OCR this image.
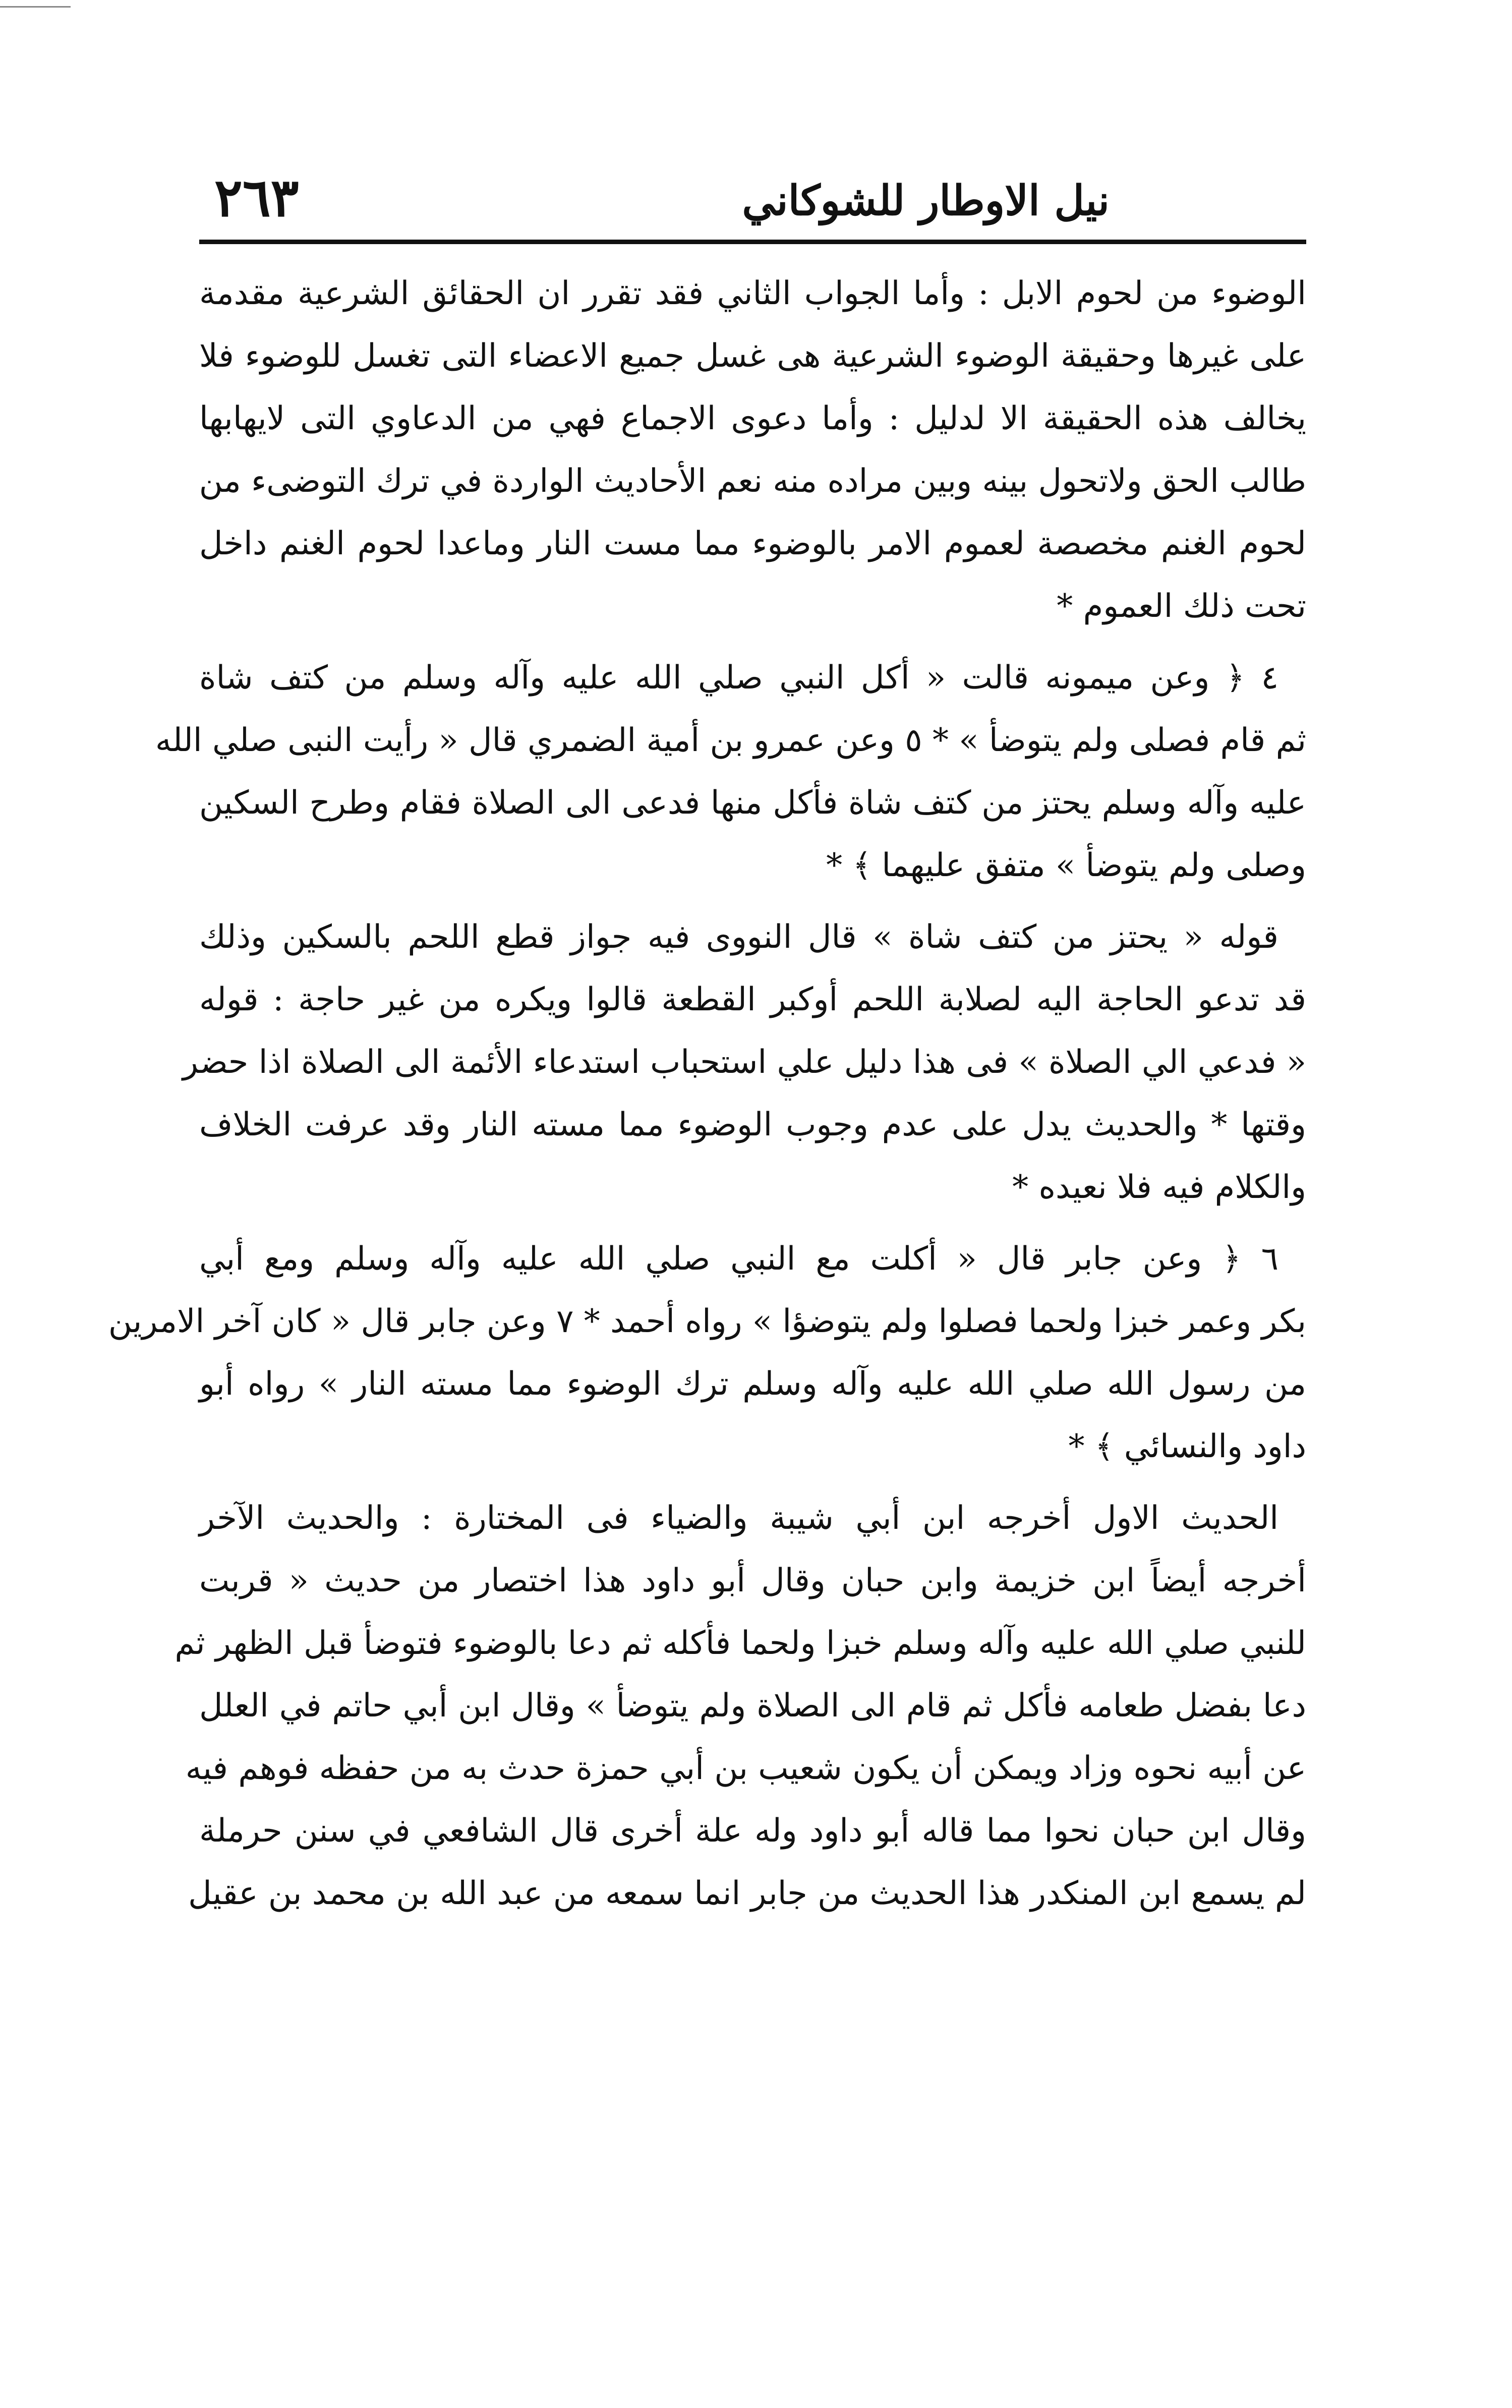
نيل الاوطار للشوكاني
٢٦٣
الوضوء من لحوم الابل : وأما الجواب الثاني فقد تقرر ان الحقائق الشرعية مقدمة
على غيرها وحقيقة الوضوء الشرعية هى غسل جميع الاعضاء التى تغسل للوضوء فلا
يخالف هذه الحقيقة الا لدليل : وأما دعوى الاجماع فهي من الدعاوي التى لايهابها
طالب الحق ولاتحول بينه وبين مراده منه نعم الأحاديث الواردة في ترك التوضىء من
لحوم الغنم مخصصة لعموم الامر بالوضوء مما مست النار وماعدا لحوم الغنم داخل
تحت ذلك العموم *
٤ ﴿ وعن ميمونه قالت « أكل النبي صلي الله عليه وآله وسلم من كتف شاة
ثم قام فصلى ولم يتوضأ » * ٥ وعن عمرو بن أمية الضمري قال « رأيت النبى صلي الله
عليه وآله وسلم يحتز من كتف شاة فأكل منها فدعى الى الصلاة فقام وطرح السكين
وصلى ولم يتوضأ » متفق عليهما ﴾ *
قوله « يحتز من كتف شاة » قال النووى فيه جواز قطع اللحم بالسكين وذلك
قد تدعو الحاجة اليه لصلابة اللحم أوكبر القطعة قالوا ويكره من غير حاجة : قوله
« فدعي الي الصلاة » فى هذا دليل علي استحباب استدعاء الأئمة الى الصلاة اذا حضر
وقتها * والحديث يدل على عدم وجوب الوضوء مما مسته النار وقد عرفت الخلاف
والكلام فيه فلا نعيده *
٦ ﴿ وعن جابر قال « أكلت مع النبي صلي الله عليه وآله وسلم ومع أبي
بكر وعمر خبزا ولحما فصلوا ولم يتوضؤا » رواه أحمد * ٧ وعن جابر قال « كان آخر الامرين
من رسول الله صلي الله عليه وآله وسلم ترك الوضوء مما مسته النار » رواه أبو
داود والنسائي ﴾ *
الحديث الاول أخرجه ابن أبي شيبة والضياء فى المختارة : والحديث الآخر
أخرجه أيضاً ابن خزيمة وابن حبان وقال أبو داود هذا اختصار من حديث « قربت
للنبي صلي الله عليه وآله وسلم خبزا ولحما فأكله ثم دعا بالوضوء فتوضأ قبل الظهر ثم
دعا بفضل طعامه فأكل ثم قام الى الصلاة ولم يتوضأ » وقال ابن أبي حاتم في العلل
عن أبيه نحوه وزاد ويمكن أن يكون شعيب بن أبي حمزة حدث به من حفظه فوهم فيه
وقال ابن حبان نحوا مما قاله أبو داود وله علة أخرى قال الشافعي في سنن حرملة
لم يسمع ابن المنكدر هذا الحديث من جابر انما سمعه من عبد الله بن محمد بن عقيل
